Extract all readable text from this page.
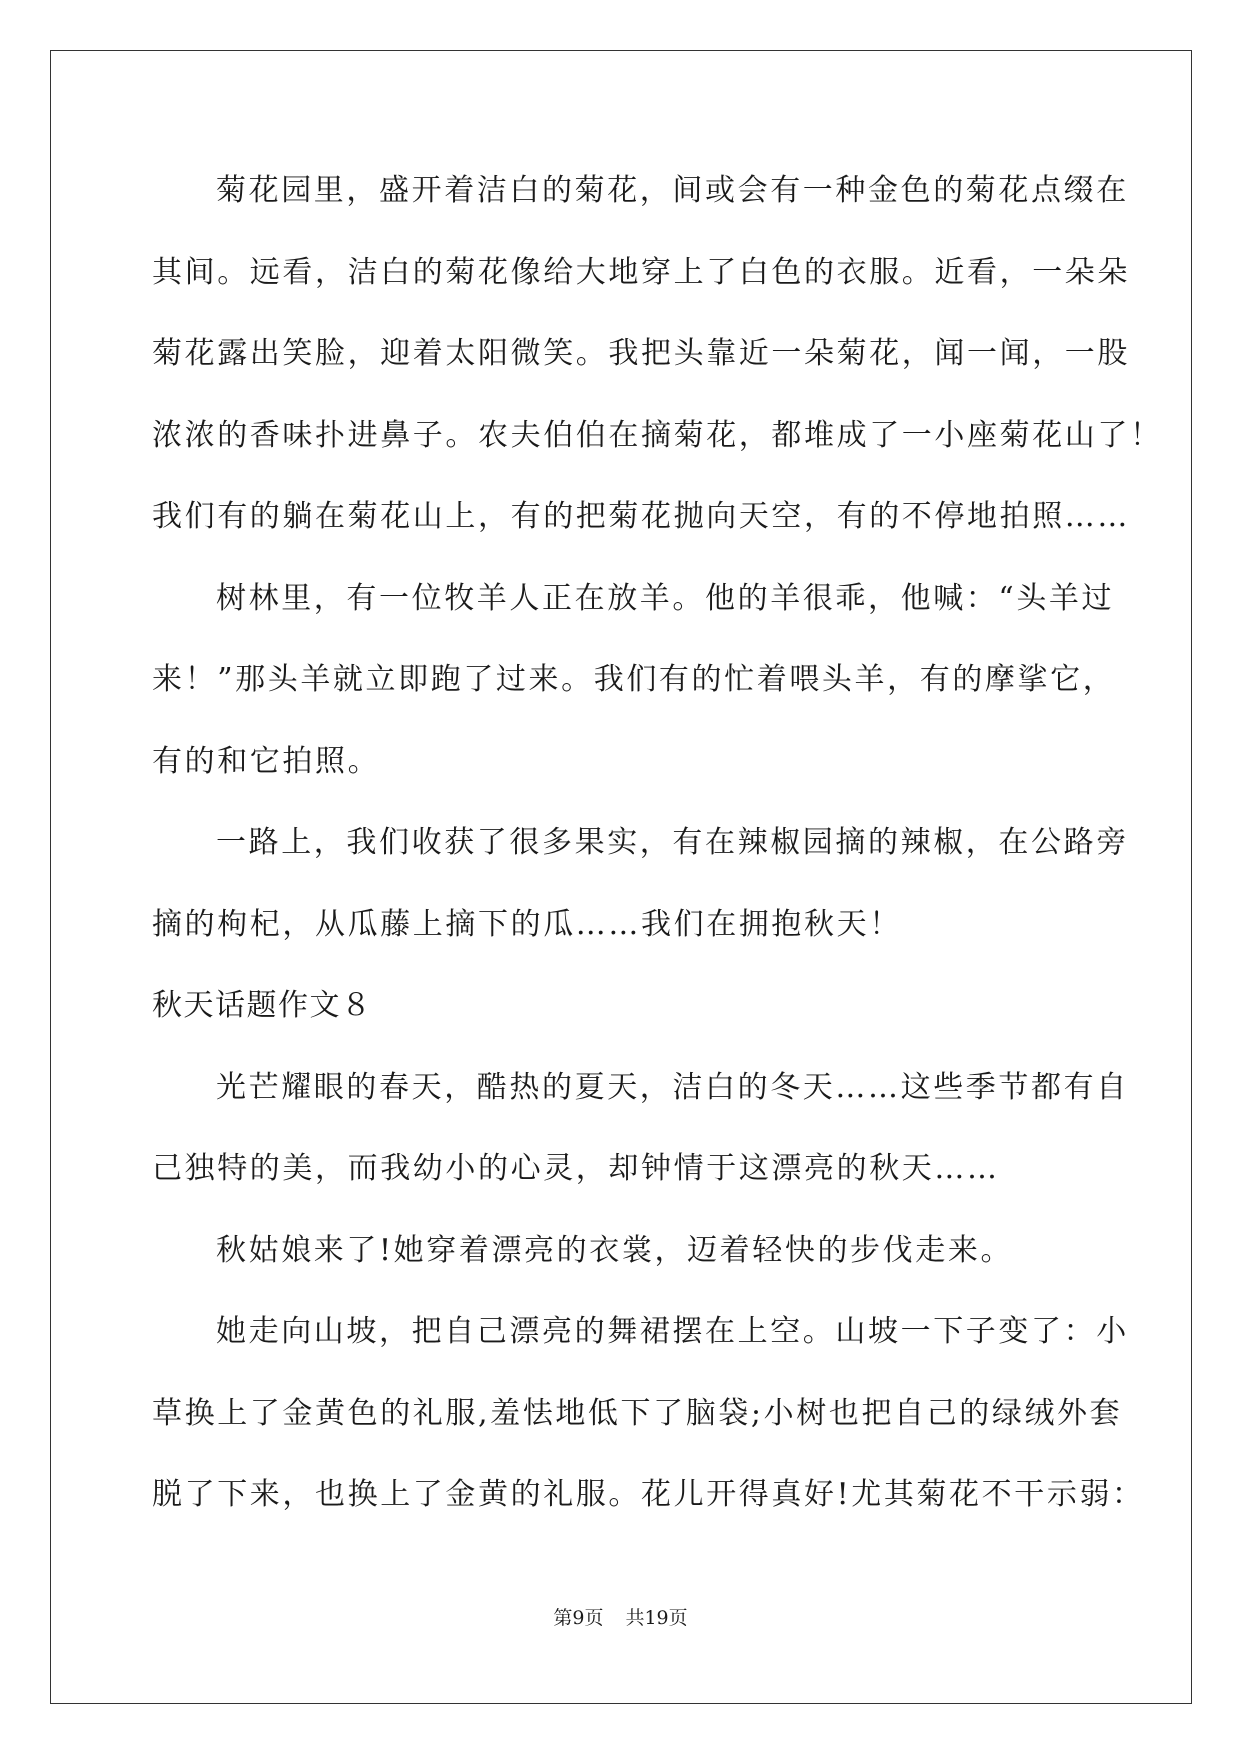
菊花园里，盛开着洁白的菊花，间或会有一种金色的菊花点缀在
其间。远看，洁白的菊花像给大地穿上了白色的衣服。近看，一朵朵
菊花露出笑脸，迎着太阳微笑。我把头靠近一朵菊花，闻一闻，一股
浓浓的香味扑进鼻子。农夫伯伯在摘菊花，都堆成了一小座菊花山了！
我们有的躺在菊花山上，有的把菊花抛向天空，有的不停地拍照……
树林里，有一位牧羊人正在放羊。他的羊很乖，他喊：“头羊过
来！”那头羊就立即跑了过来。我们有的忙着喂头羊，有的摩挲它，
有的和它拍照。
一路上，我们收获了很多果实，有在辣椒园摘的辣椒，在公路旁
摘的枸杞，从瓜藤上摘下的瓜……我们在拥抱秋天！
秋天话题作文８
光芒耀眼的春天，酷热的夏天，洁白的冬天……这些季节都有自
己独特的美，而我幼小的心灵，却钟情于这漂亮的秋天……
秋姑娘来了!她穿着漂亮的衣裳，迈着轻快的步伐走来。
她走向山坡，把自己漂亮的舞裙摆在上空。山坡一下子变了：小
草换上了金黄色的礼服,羞怯地低下了脑袋;小树也把自己的绿绒外套
脱了下来，也换上了金黄的礼服。花儿开得真好!尤其菊花不干示弱：
第9页 共19页
